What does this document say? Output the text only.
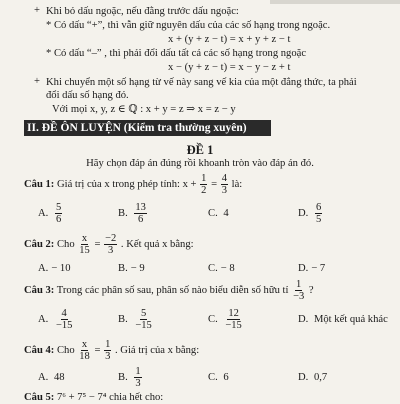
+ Khi bỏ dấu ngoặc, nếu đằng trước dấu ngoặc:
* Có dấu “+”, thì vẫn giữ nguyên dấu của các số hạng trong ngoặc.
x + (y + z − t) = x + y + z − t
* Có dấu “–” , thì phải đổi dấu tất cả các số hạng trong ngoặc
x − (y + z − t) = x − y − z + t
+ Khi chuyển một số hạng từ vế này sang vế kia của một đẳng thức, ta phải
đổi dấu số hạng đó.
Với mọi x, y, z ∈ ℚ : x + y = z ⇒ x = z − y
II. ĐỀ ÔN LUYỆN (Kiểm tra thường xuyên)
ĐỀ 1
Hãy chọn đáp án đúng rồi khoanh tròn vào đáp án đó.
Câu 1: Giá trị của x trong phép tính: $x + \frac{1}{2} = \frac{4}{3}$ là:
A. $\frac{5}{6}$	B. $\frac{13}{6}$	C. 4	D. $\frac{6}{5}$
Câu 2: Cho $\frac{x}{15} = \frac{-2}{3}$ . Kết quả x bằng:
A. − 10	B. − 9	C. − 8	D. − 7
Câu 3: Trong các phân số sau, phân số nào biểu diễn số hữu tỉ $\frac{1}{-3}$ ?
A. $\frac{4}{-15}$	B. $\frac{5}{-15}$	C. $\frac{12}{-15}$	D. Một kết quả khác
Câu 4: Cho $\frac{x}{18} = \frac{1}{3}$ . Giá trị của x bằng:
A. 48	B. $\frac{1}{3}$	C. 6	D. 0,7
Câu 5: 7⁶ + 7⁵ − 7⁴ chia hết cho:
